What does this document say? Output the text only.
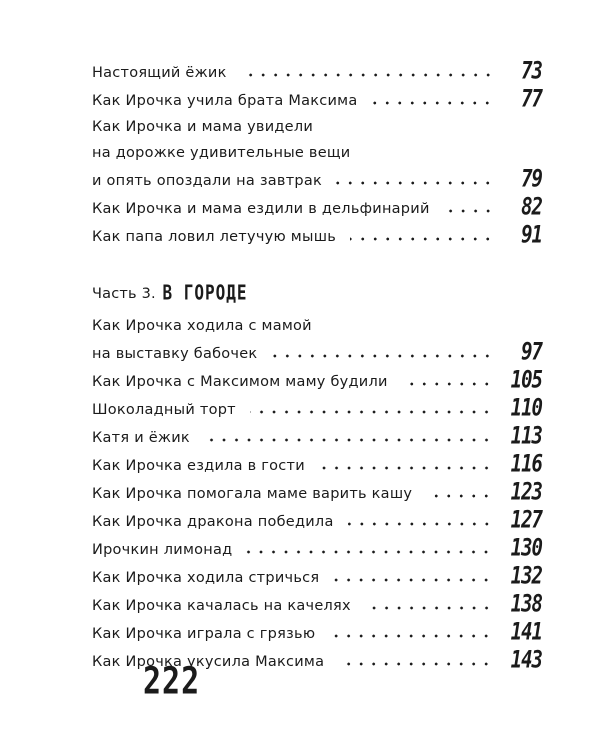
Настоящий ёжик	73
Как Ирочка учила брата Максима	77
Как Ирочка и мама увидели
на дорожке удивительные вещи
и опять опоздали на завтрак	79
Как Ирочка и мама ездили в дельфинарий	82
Как папа ловил летучую мышь	91
Часть 3. В ГОРОДЕ
Как Ирочка ходила с мамой
на выставку бабочек	97
Как Ирочка с Максимом маму будили	105
Шоколадный торт	110
Катя и ёжик	113
Как Ирочка ездила в гости	116
Как Ирочка помогала маме варить кашу	123
Как Ирочка дракона победила	127
Ирочкин лимонад	130
Как Ирочка ходила стричься	132
Как Ирочка качалась на качелях	138
Как Ирочка играла с грязью	141
Как Ирочка укусила Максима	143
222
